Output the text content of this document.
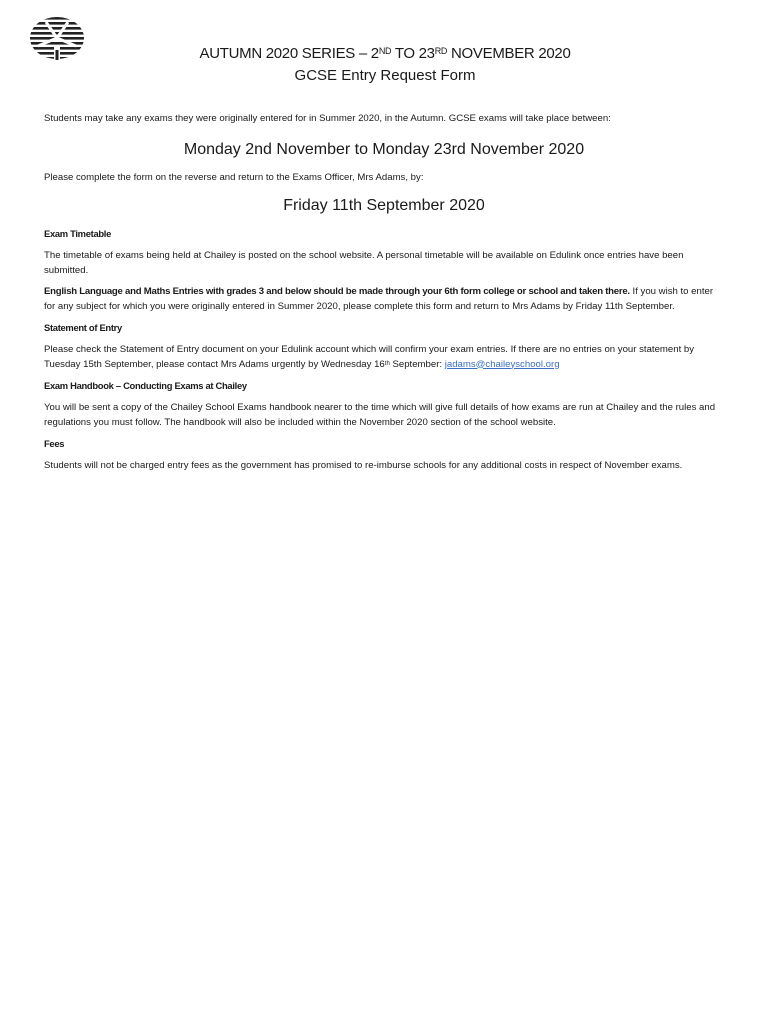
AUTUMN 2020 SERIES – 2ND TO 23RD NOVEMBER 2020
GCSE Entry Request Form

Students may take any exams they were originally entered for in Summer 2020, in the Autumn. GCSE exams will take place between:

Monday 2nd November to Monday 23rd November 2020

Please complete the form on the reverse and return to the Exams Officer, Mrs Adams, by:

Friday 11th September 2020

Exam Timetable

The timetable of exams being held at Chailey is posted on the school website. A personal timetable will be available on Edulink once entries have been submitted.

English Language and Maths Entries with grades 3 and below should be made through your 6th form college or school and taken there. If you wish to enter for any subject for which you were originally entered in Summer 2020, please complete this form and return to Mrs Adams by Friday 11th September.

Statement of Entry

Please check the Statement of Entry document on your Edulink account which will confirm your exam entries. If there are no entries on your statement by Tuesday 15th September, please contact Mrs Adams urgently by Wednesday 16th September: jadams@chaileyschool.org

Exam Handbook – Conducting Exams at Chailey

You will be sent a copy of the Chailey School Exams handbook nearer to the time which will give full details of how exams are run at Chailey and the rules and regulations you must follow. The handbook will also be included within the November 2020 section of the school website.

Fees

Students will not be charged entry fees as the government has promised to re-imburse schools for any additional costs in respect of November exams.
